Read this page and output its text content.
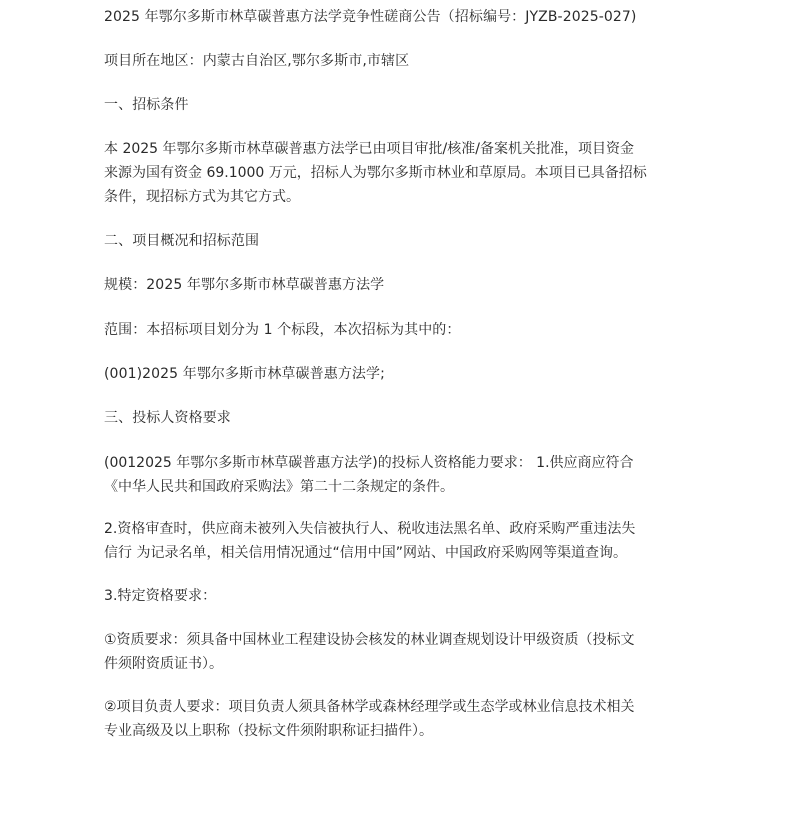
2025 年鄂尔多斯市林草碳普惠方法学竞争性磋商公告（招标编号：JYZB-2025-027)
项目所在地区：内蒙古自治区,鄂尔多斯市,市辖区
一、招标条件
本 2025 年鄂尔多斯市林草碳普惠方法学已由项目审批/核准/备案机关批准，项目资金
来源为国有资金 69.1000 万元，招标人为鄂尔多斯市林业和草原局。本项目已具备招标
条件，现招标方式为其它方式。
二、项目概况和招标范围
规模：2025 年鄂尔多斯市林草碳普惠方法学
范围：本招标项目划分为 1 个标段，本次招标为其中的：
(001)2025 年鄂尔多斯市林草碳普惠方法学;
三、投标人资格要求
(0012025 年鄂尔多斯市林草碳普惠方法学)的投标人资格能力要求： 1.供应商应符合
《中华人民共和国政府采购法》第二十二条规定的条件。
2.资格审查时，供应商未被列入失信被执行人、税收违法黑名单、政府采购严重违法失
信行 为记录名单，相关信用情况通过“信用中国”网站、中国政府采购网等渠道查询。
3.特定资格要求：
①资质要求：须具备中国林业工程建设协会核发的林业调查规划设计甲级资质（投标文
件须附资质证书）。
②项目负责人要求：项目负责人须具备林学或森林经理学或生态学或林业信息技术相关
专业高级及以上职称（投标文件须附职称证扫描件）。
